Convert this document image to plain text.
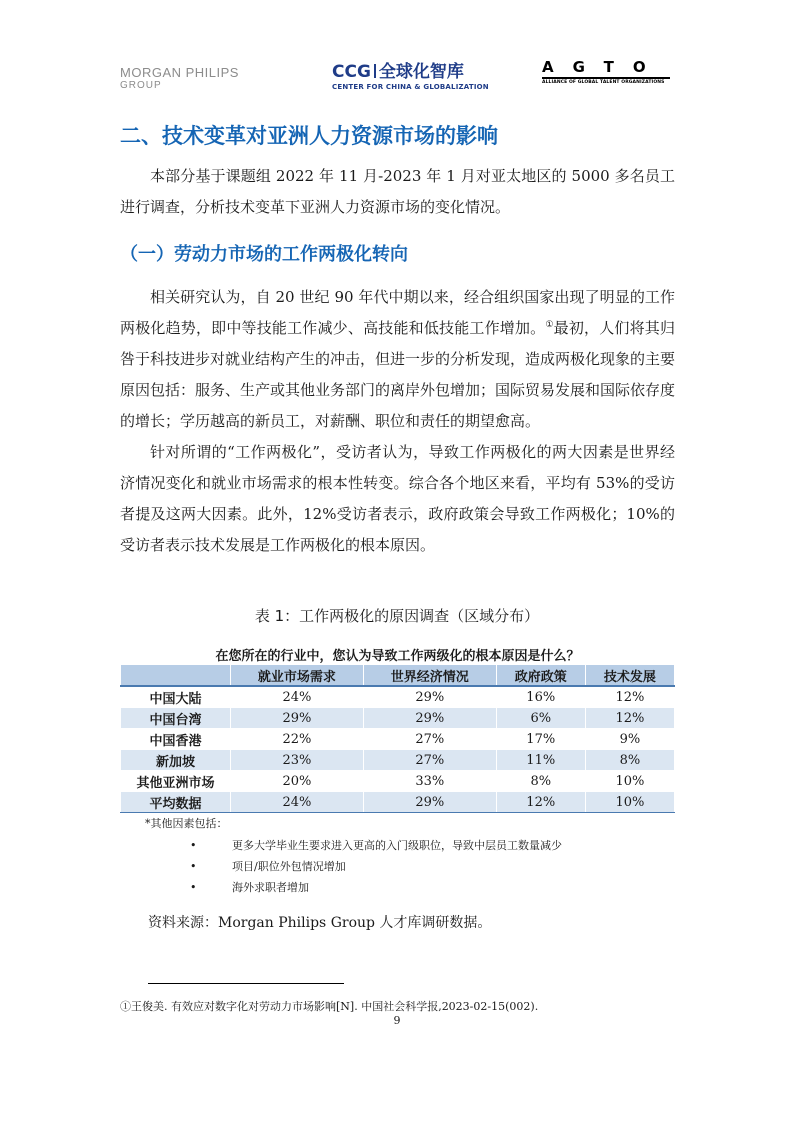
MORGAN PHILIPS
GROUP
CCG 全球化智库
CENTER FOR CHINA & GLOBALIZATION
AGTO
ALLIANCE OF GLOBAL TALENT ORGANIZATIONS
二、技术变革对亚洲人力资源市场的影响

本部分基于课题组 2022 年 11 月-2023 年 1 月对亚太地区的 5000 多名员工进行调查，分析技术变革下亚洲人力资源市场的变化情况。

（一）劳动力市场的工作两极化转向

相关研究认为，自 20 世纪 90 年代中期以来，经合组织国家出现了明显的工作两极化趋势，即中等技能工作减少、高技能和低技能工作增加。①最初，人们将其归咎于科技进步对就业结构产生的冲击，但进一步的分析发现，造成两极化现象的主要原因包括：服务、生产或其他业务部门的离岸外包增加；国际贸易发展和国际依存度的增长；学历越高的新员工，对薪酬、职位和责任的期望愈高。

针对所谓的“工作两极化”，受访者认为，导致工作两极化的两大因素是世界经济情况变化和就业市场需求的根本性转变。综合各个地区来看，平均有 53%的受访者提及这两大因素。此外，12%受访者表示，政府政策会导致工作两极化；10%的受访者表示技术发展是工作两极化的根本原因。

表 1：工作两极化的原因调查（区域分布）
在您所在的行业中，您认为导致工作两级化的根本原因是什么？
	就业市场需求	世界经济情况	政府政策	技术发展
中国大陆	24%	29%	16%	12%
中国台湾	29%	29%	6%	12%
中国香港	22%	27%	17%	9%
新加坡	23%	27%	11%	8%
其他亚洲市场	20%	33%	8%	10%
平均数据	24%	29%	12%	10%
*其他因素包括：
•	更多大学毕业生要求进入更高的入门级职位，导致中层员工数量减少
•	项目/职位外包情况增加
•	海外求职者增加
资料来源：Morgan Philips Group 人才库调研数据。
①王俊美. 有效应对数字化对劳动力市场影响[N]. 中国社会科学报,2023-02-15(002).
9
